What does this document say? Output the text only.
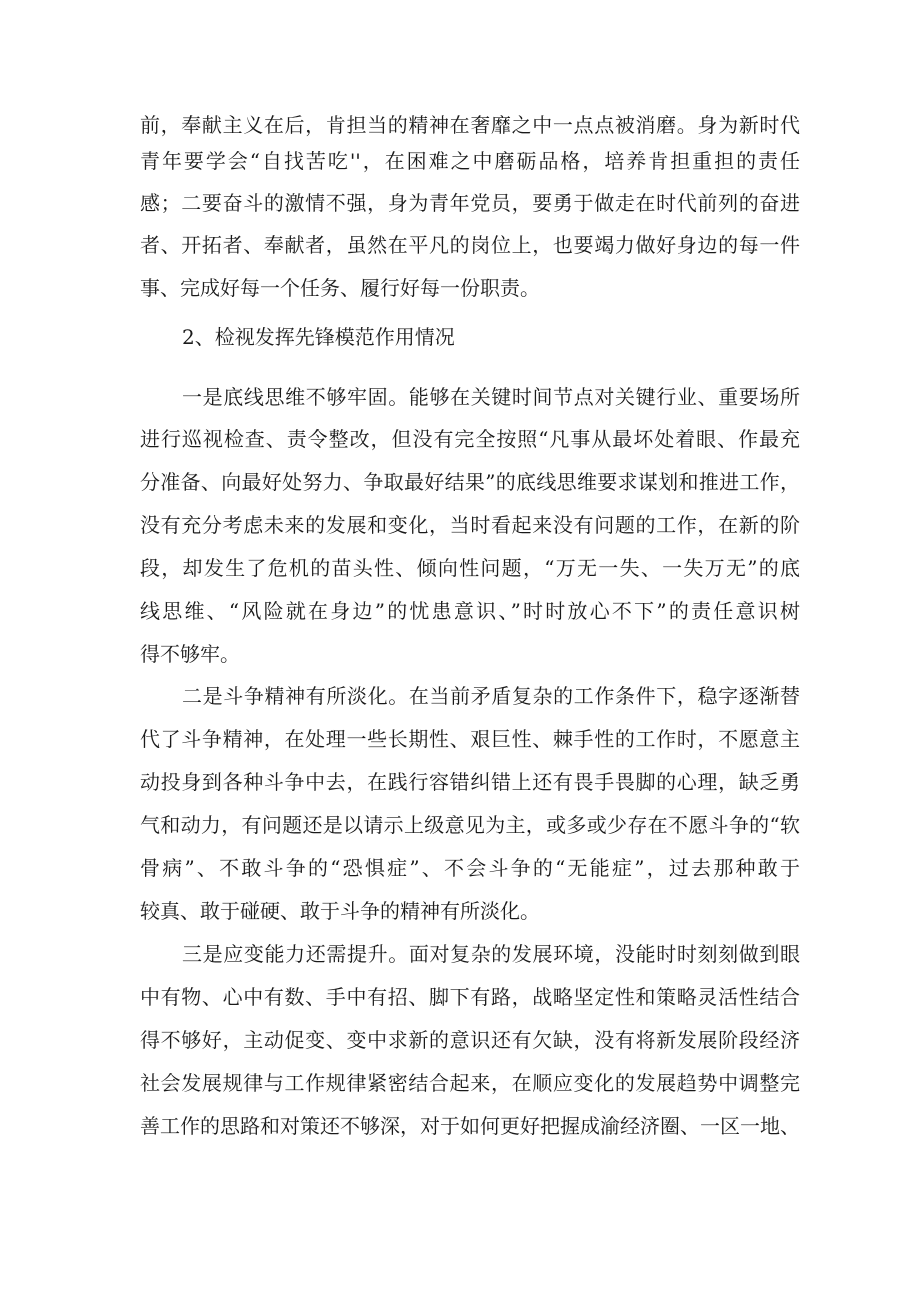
前，奉献主义在后，肯担当的精神在奢靡之中一点点被消磨。身为新时代
青年要学会“自找苦吃''，在困难之中磨砺品格，培养肯担重担的责任
感；二要奋斗的激情不强，身为青年党员，要勇于做走在时代前列的奋进
者、开拓者、奉献者，虽然在平凡的岗位上，也要竭力做好身边的每一件
事、完成好每一个任务、履行好每一份职责。
2、检视发挥先锋模范作用情况
一是底线思维不够牢固。能够在关键时间节点对关键行业、重要场所
进行巡视检查、责令整改，但没有完全按照“凡事从最坏处着眼、作最充
分准备、向最好处努力、争取最好结果”的底线思维要求谋划和推进工作，
没有充分考虑未来的发展和变化，当时看起来没有问题的工作，在新的阶
段，却发生了危机的苗头性、倾向性问题，“万无一失、一失万无”的底
线思维、“风险就在身边”的忧患意识、”时时放心不下”的责任意识树
得不够牢。
二是斗争精神有所淡化。在当前矛盾复杂的工作条件下，稳字逐渐替
代了斗争精神，在处理一些长期性、艰巨性、棘手性的工作时，不愿意主
动投身到各种斗争中去，在践行容错纠错上还有畏手畏脚的心理，缺乏勇
气和动力，有问题还是以请示上级意见为主，或多或少存在不愿斗争的“软
骨病”、不敢斗争的“恐惧症”、不会斗争的“无能症”，过去那种敢于
较真、敢于碰硬、敢于斗争的精神有所淡化。
三是应变能力还需提升。面对复杂的发展环境，没能时时刻刻做到眼
中有物、心中有数、手中有招、脚下有路，战略坚定性和策略灵活性结合
得不够好，主动促变、变中求新的意识还有欠缺，没有将新发展阶段经济
社会发展规律与工作规律紧密结合起来，在顺应变化的发展趋势中调整完
善工作的思路和对策还不够深，对于如何更好把握成渝经济圈、一区一地、
